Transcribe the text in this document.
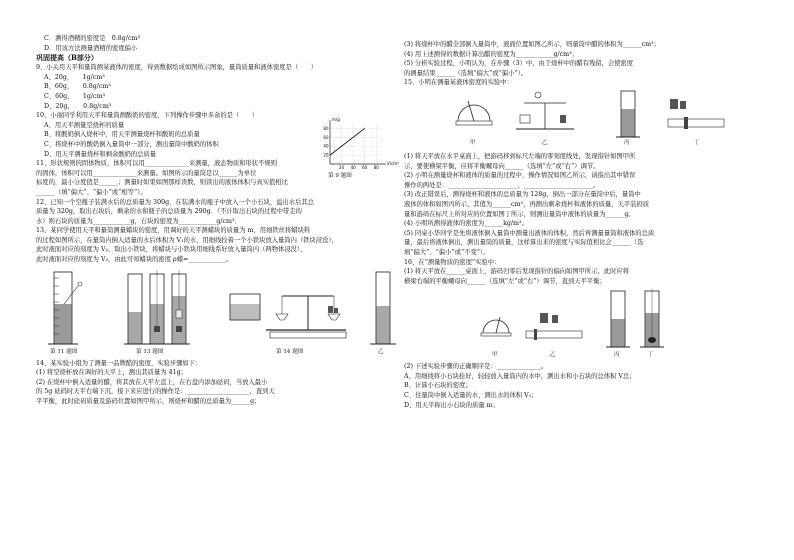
C．测得酒精的密度是　0.8g/cm³
D．用该方法测量酒精的密度偏小
巩固提高（B部分）
9、小关用天平和量筒测某液体的密度，得到数据绘成如图所示图象，量筒质量和液体密度是（　　）
A、20g，　　1g/cm³
B、60g，　　0.8g/cm³
C、60g，　　1g/cm³
D、20g，　　0.8g/cm³
10、小丽同学利用天平和量筒测酸奶的密度，下列操作步骤中多余的是（　　）
A、用天平测量空烧杯的质量
B、将酸奶倒入烧杯中，用天平测量烧杯和酸奶的总质量
C、将烧杯中的酸奶倒入量筒中一部分，测出量筒中酸奶的体积
D、用天平测量烧杯和剩余酸奶的总质量
11、形状规则的固体物质，体积可以用______________来测量，液态物质和形状不规则
的固体，体积可以用______________来测量。如图所示的量筒是以______为单位
标度的，最小分度值是______；测量时如果如图那样读数，则读出的液体体积与真实值相比
______（填“偏大”、“偏小”或“相等”）。
12、已知一个空瓶子装满水后的总质量为 300g，在装满水的瓶子中放入一个小石块，溢出水后其总
质量为 320g，取出石块后，剩余的水和瓶子的总质量为 290g．（不计取出石块的过程中带走的
水）则石块的质量为____________g，石块的密度为____________g/cm³．
13、某同学使用天平和量筒测量蜡块的密度，用调好的天平测蜡块的质量为 m，用细铁丝将蜡块料
的过程如图所示，在量筒内倒入适量的水后体积为 V₁的水，用细线拴着一个小铁块放入量筒内（铁块浸没），
此时液面对应的刻度为 V₂，取出小铁块，将蜡块与小铁块用细线系好放入量筒内（两物体浸没），
此时液面对应的刻度为 V₃，由此可知蜡块的密度 ρ蜡=____________。
第 11 题图	第 13 题图	第 14 题图	乙
14、某实验小组为了测量一品牌酷的密度，实验步骤如下：
(1) 将空烧杯放在调好的天平上，测出其质量为 41g；
(2) 在烧杯中倒入适量的醋，将其放在天平左盘上，在右盘内添加砝码，当放入最小
的 5g 砝码时天平右端下沉，接下来应进行的操作是：____________________，直到天
平平衡，此时砝码质量及游码位置如图甲所示，则烧杯和醋的总质量为______g；
20 40 60 80
20
40
60
80
V/cm³
m/g
第 9 题图
(3) 将烧杯中的醋全部倒入量筒中，液面位置如图乙所示，则量筒中醋的体积为______cm³；
(4) 用上述测得的数据计算出醋的密度为____________g/cm³；
(5) 分析实验过程，小明认为，在步骤（3）中，由于烧杯中的醋有残留，会使密度
的测量结果______（选填“偏大”或“偏小”）。
15、小明在测量某液体密度的实验中：
甲	乙	丙	丁
(1) 将天平放在水平桌面上，把游码移到标尺左端的零刻度线处，发现指针如图甲所
示，要使横梁平衡，应将平衡螺母向______（选填“左”或“右”）调节。
(2) 小明在测量烧杯和液体的质量的过程中，操作情况如图乙所示，请指出其中错误
操作的两处是：______________________、______________________。
(3) 改正错误后，测得烧杯和液体的总质量为 128g，倒出一部分在量筒中后，量筒中
液体的体积如图丙所示，其值为______cm³，再测出剩余烧杯和液体的质量，天平装码质
量和游码在标尺上所对应的位置如图丁所示，则测出量筒中液体的质量为______g。
(4) 小明所测得液体的密度为______kg/m³。
(5) 同桌小华同学是先将液体倒入量筒中测量出液体的体积，然后再测量量筒和液体的总质
量，最后将液体倒出，测出量筒的质量，这样算出来的密度与实际值相比会______（选
填“偏大”、“偏小”或“不变”）。
16、在“测量物质的密度”实验中：
(1) 将天平放在______桌面上，游码归零后发现指针的偏向如图甲所示，此时应将
横梁右端的平衡螺母向______（选填“左”或“右”）调节，直到天平平衡；
甲	乙	丙	丁
(2) 下述实验步骤的正确顺序是：______________。
A、用细线将小石块拴好，轻轻放入量筒内的水中，测出水和小石块的总体积 V总；
B、计算小石块的密度；
C、往量筒中倒入适量的水，测出水的体积 V₁；
D、用天平称出小石块的质量 m；
